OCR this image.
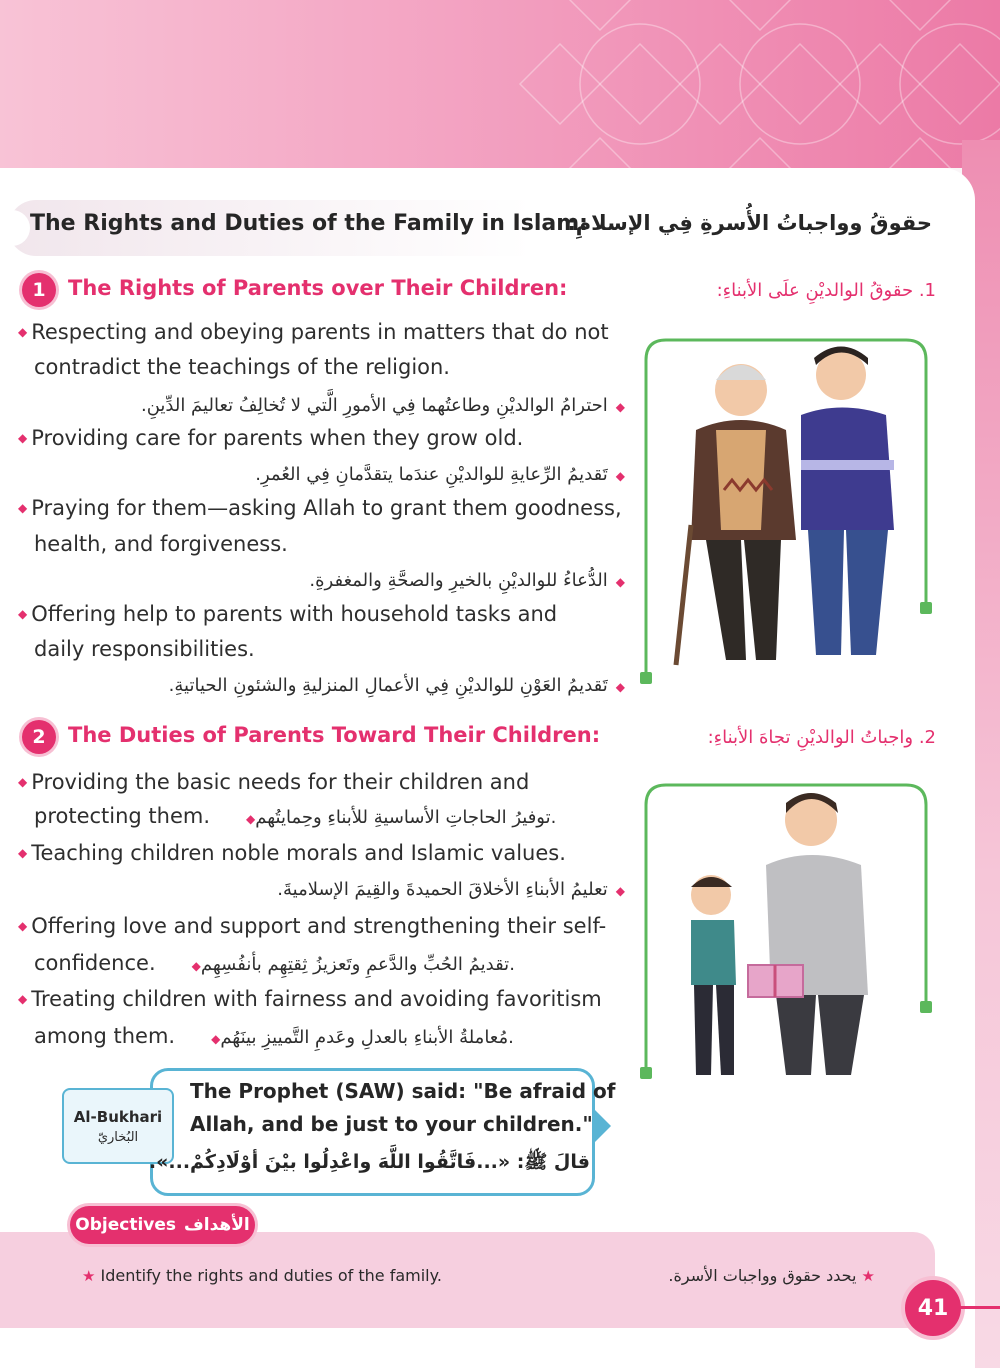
The Rights and Duties of the Family in Islam:
حقوقُ وواجباتُ الأُسرةِ فِي الإسلامِ:
1	The Rights of Parents over Their Children:	1. حقوقُ الوالديْنِ علَى الأبناءِ:
◆ Respecting and obeying parents in matters that do not
contradict the teachings of the religion.
◆احترامُ الوالديْنِ وطاعتُهما فِي الأمورِ الَّتي لا تُخالِفُ تعاليمَ الدِّينِ.
◆ Providing care for parents when they grow old.
◆تَقديمُ الرِّعايةِ للوالديْنِ عندَما يتقدَّمانِ فِي العُمرِ.
◆ Praying for them—asking Allah to grant them goodness,
health, and forgiveness.
◆الدُّعاءُ للوالديْنِ بالخيرِ والصحَّةِ والمغفرةِ.
◆ Offering help to parents with household tasks and
daily responsibilities.
◆تَقديمُ العَوْنِ للوالديْنِ فِي الأعمالِ المنزليةِ والشئونِ الحياتيةِ.
2	The Duties of Parents Toward Their Children:	2. واجباتُ الوالديْنِ تجاهَ الأبناءِ:
◆ Providing the basic needs for their children and
protecting them.	◆توفيرُ الحاجاتِ الأساسيةِ للأبناءِ وحِمايتُهم.
◆ Teaching children noble morals and Islamic values.
◆تعليمُ الأبناءِ الأخلاقَ الحميدةَ والقِيمَ الإسلاميةَ.
◆ Offering love and support and strengthening their self-
confidence.	◆تقديمُ الحُبِّ والدَّعمِ وتَعزيزُ ثِقتِهِم بأنفُسِهِم.
◆ Treating children with fairness and avoiding favoritism
among them.	◆مُعاملةُ الأبناءِ بالعدلِ وعَدمِ التَّمييزِ بينَهُم.
Al-Bukhari
البُخاريّ
The Prophet (SAW) said: "Be afraid of
Allah, and be just to your children."
قالَ ﷺ: «...فَاتَّقُوا اللَّهَ واعْدِلُوا بيْنَ أوْلَادِكُمْ...».
Objectives الأهداف
★ Identify the rights and duties of the family.	★ يحدد حقوق وواجبات الأسرة.
41
